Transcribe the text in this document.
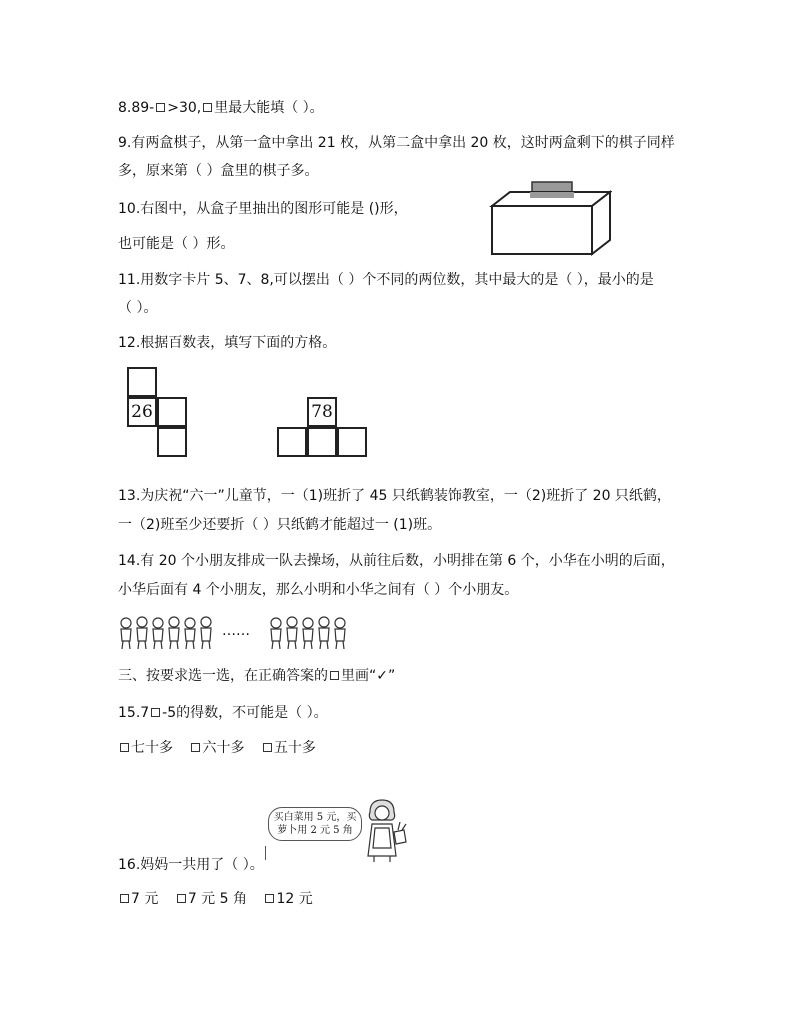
8.89- >30, 里最大能填（ ）。
9.有两盒棋子，从第一盒中拿出 21 枚，从第二盒中拿出 20 枚，这时两盒剩下的棋子同样
多，原来第（ ）盒里的棋子多。
10.右图中，从盒子里抽出的图形可能是 ()形，
也可能是（ ）形。
11.用数字卡片 5、7、8,可以摆出（ ）个不同的两位数，其中最大的是（ ），最小的是
（ ）。
12.根据百数表，填写下面的方格。
26	78
13.为庆祝“六一”儿童节，一（1)班折了 45 只纸鹤装饰教室，一（2)班折了 20 只纸鹤，
一（2)班至少还要折（ ）只纸鹤才能超过一 (1)班。
14.有 20 个小朋友排成一队去操场，从前往后数，小明排在第 6 个，小华在小明的后面，
小华后面有 4 个小朋友，那么小明和小华之间有（ ）个小朋友。
……
三、按要求选一选，在正确答案的 里画“✓”
15.7 -5的得数，不可能是（ ）。
七十多 六十多 五十多
买白菜用 5 元，买
萝卜用 2 元 5 角
16.妈妈一共用了（ ）。
7 元 7 元 5 角 12 元
